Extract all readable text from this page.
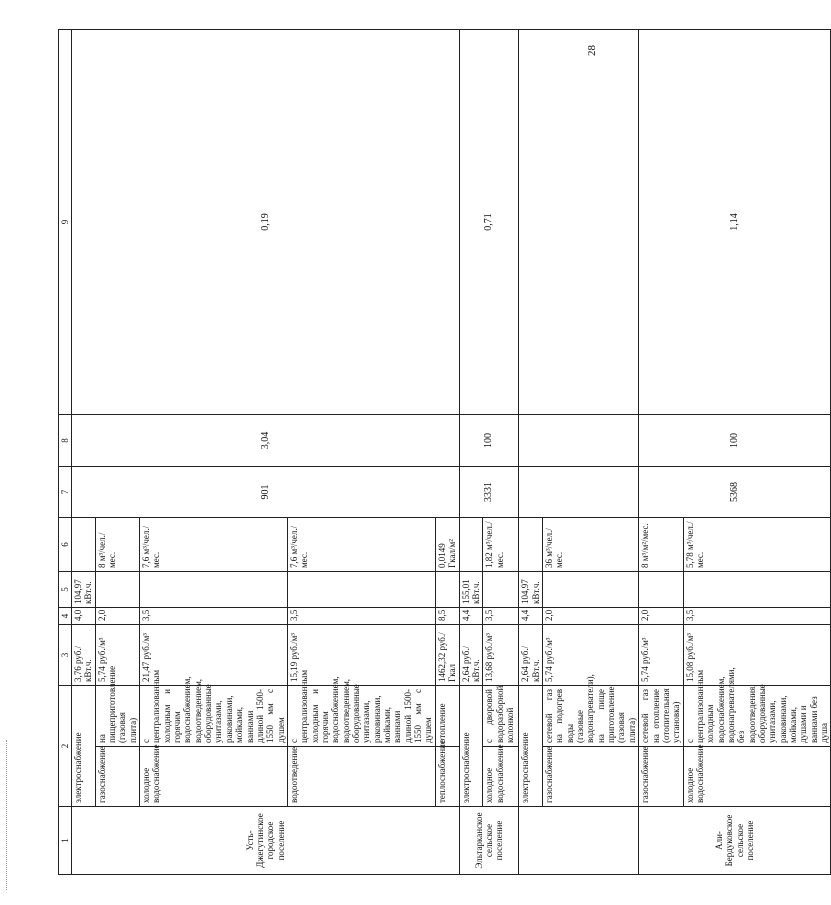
28
1	2		3	4	5	6	7	8	9	
Усть-Джегутинское городское поселение	электроснабжение		3,76 руб./кВт.ч.	4,0	104,97 кВт.ч.		901	3,04	0,19	
	газоснабжение	на пищеприготовление (газовая плита)	5,74 руб./м³	2,0		8 м³/чел./мес.				
	холодное водоснабжение	с централизованным холодным и горячим водоснабжением, водоотведением, оборудованные унитазами, раковинами, мойками, ваннами длиной 1500-1550 мм с душем	21,47 руб./м³	3,5		7,6 м³/чел./мес.				
	водоотведение	с централизованным холодным и горячим водоснабжением, водоотведением, оборудованные унитазами, раковинами, мойками, ваннами длиной 1500-1550 мм с душем	15,19 руб./м³	3,5		7,6 м³/чел./мес.				
	теплоснабжение	отопление	1462,32 руб./Гкал	8,5		0,0149 Гкал/м²				
Эльтарканское сельское поселение	электроснабжение		2,64 руб./кВт.ч.	4,4	155,01 кВт.ч.		3331	100	0,71	
	холодное водоснабжение	с дворовой водоразборной колонкой	13,68 руб./м³	3,5		1,82 м³/чел./мес.				
	электроснабжение		2,64 руб./кВт.ч.	4,4	104,97 кВт.ч.					
	газоснабжение	сетевой газ на подогрев воды (газовые водонагреватели), на пище приготовление (газовая плита)	5,74 руб./м³	2,0		36 м³/чел./мес.				
Али-Бердуковское сельское поселение	газоснабжение	сетевой газ на отопление (отопительная установка)	5,74 руб./м³	2,0		8 м³/м²/мес.	5368	100	1,14	
	холодное водоснабжение	с централизованным холодным водоснабжением, водонагревателями, без водоотведения, оборудованные унитазами, раковинами, мойками, душами и ваннами без душа	15,08 руб./м³	3,5		5,78 м³/чел./мес.				
